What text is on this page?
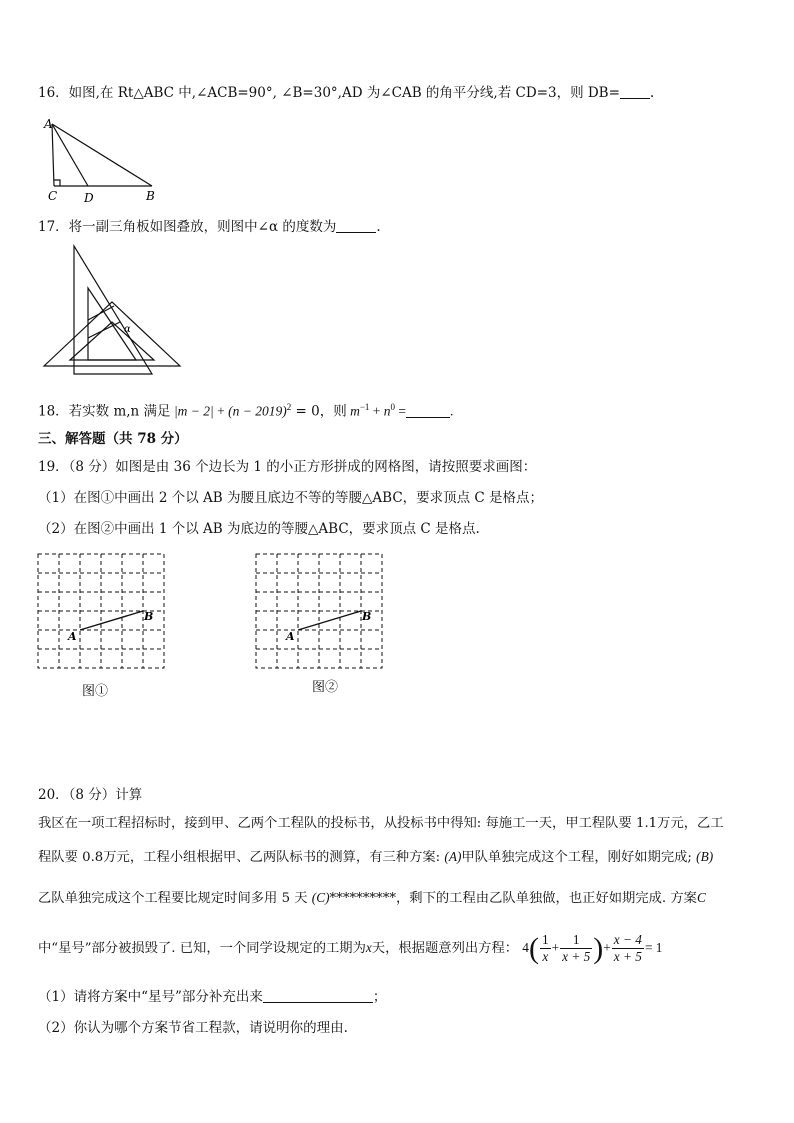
16．如图,在 Rt△ABC 中,∠ACB=90°, ∠B=30°,AD 为∠CAB 的角平分线,若 CD=3，则 DB= .
A
C D	B
17．将一副三角板如图叠放，则图中∠α 的度数为	.
α
18．若实数 m,n 满足 $|m - 2| + (n - 2019)^2 = 0$，则 $m^{-1} + n^0$ =	.
三、解答题（共 78 分）
19．（8 分）如图是由 36 个边长为 1 的小正方形拼成的网格图，请按照要求画图：
（1）在图①中画出 2 个以 AB 为腰且底边不等的等腰△ABC，要求顶点 C 是格点；
（2）在图②中画出 1 个以 AB 为底边的等腰△ABC，要求顶点 C 是格点.
A
B
图①
A
B
图②
20．（8 分）计算
我区在一项工程招标时，接到甲、乙两个工程队的投标书，从投标书中得知: 每施工一天，甲工程队要 1.1万元，乙工
程队要 0.8万元，工程小组根据甲、乙两队标书的测算，有三种方案: (A)甲队单独完成这个工程，刚好如期完成; (B)
乙队单独完成这个工程要比规定时间多用 5 天 (C)**********，剩下的工程由乙队单独做，也正好如期完成. 方案C
中“星号”部分被损毁了. 已知，一个同学设规定的工期为x天，根据题意列出方程： $4( \frac{1}{x} + \frac{1}{x + 5}$ )+ $\frac{x - 4}{x + 5} = 1$
（1）请将方案中“星号”部分补充出来	；
（2）你认为哪个方案节省工程款，请说明你的理由.
